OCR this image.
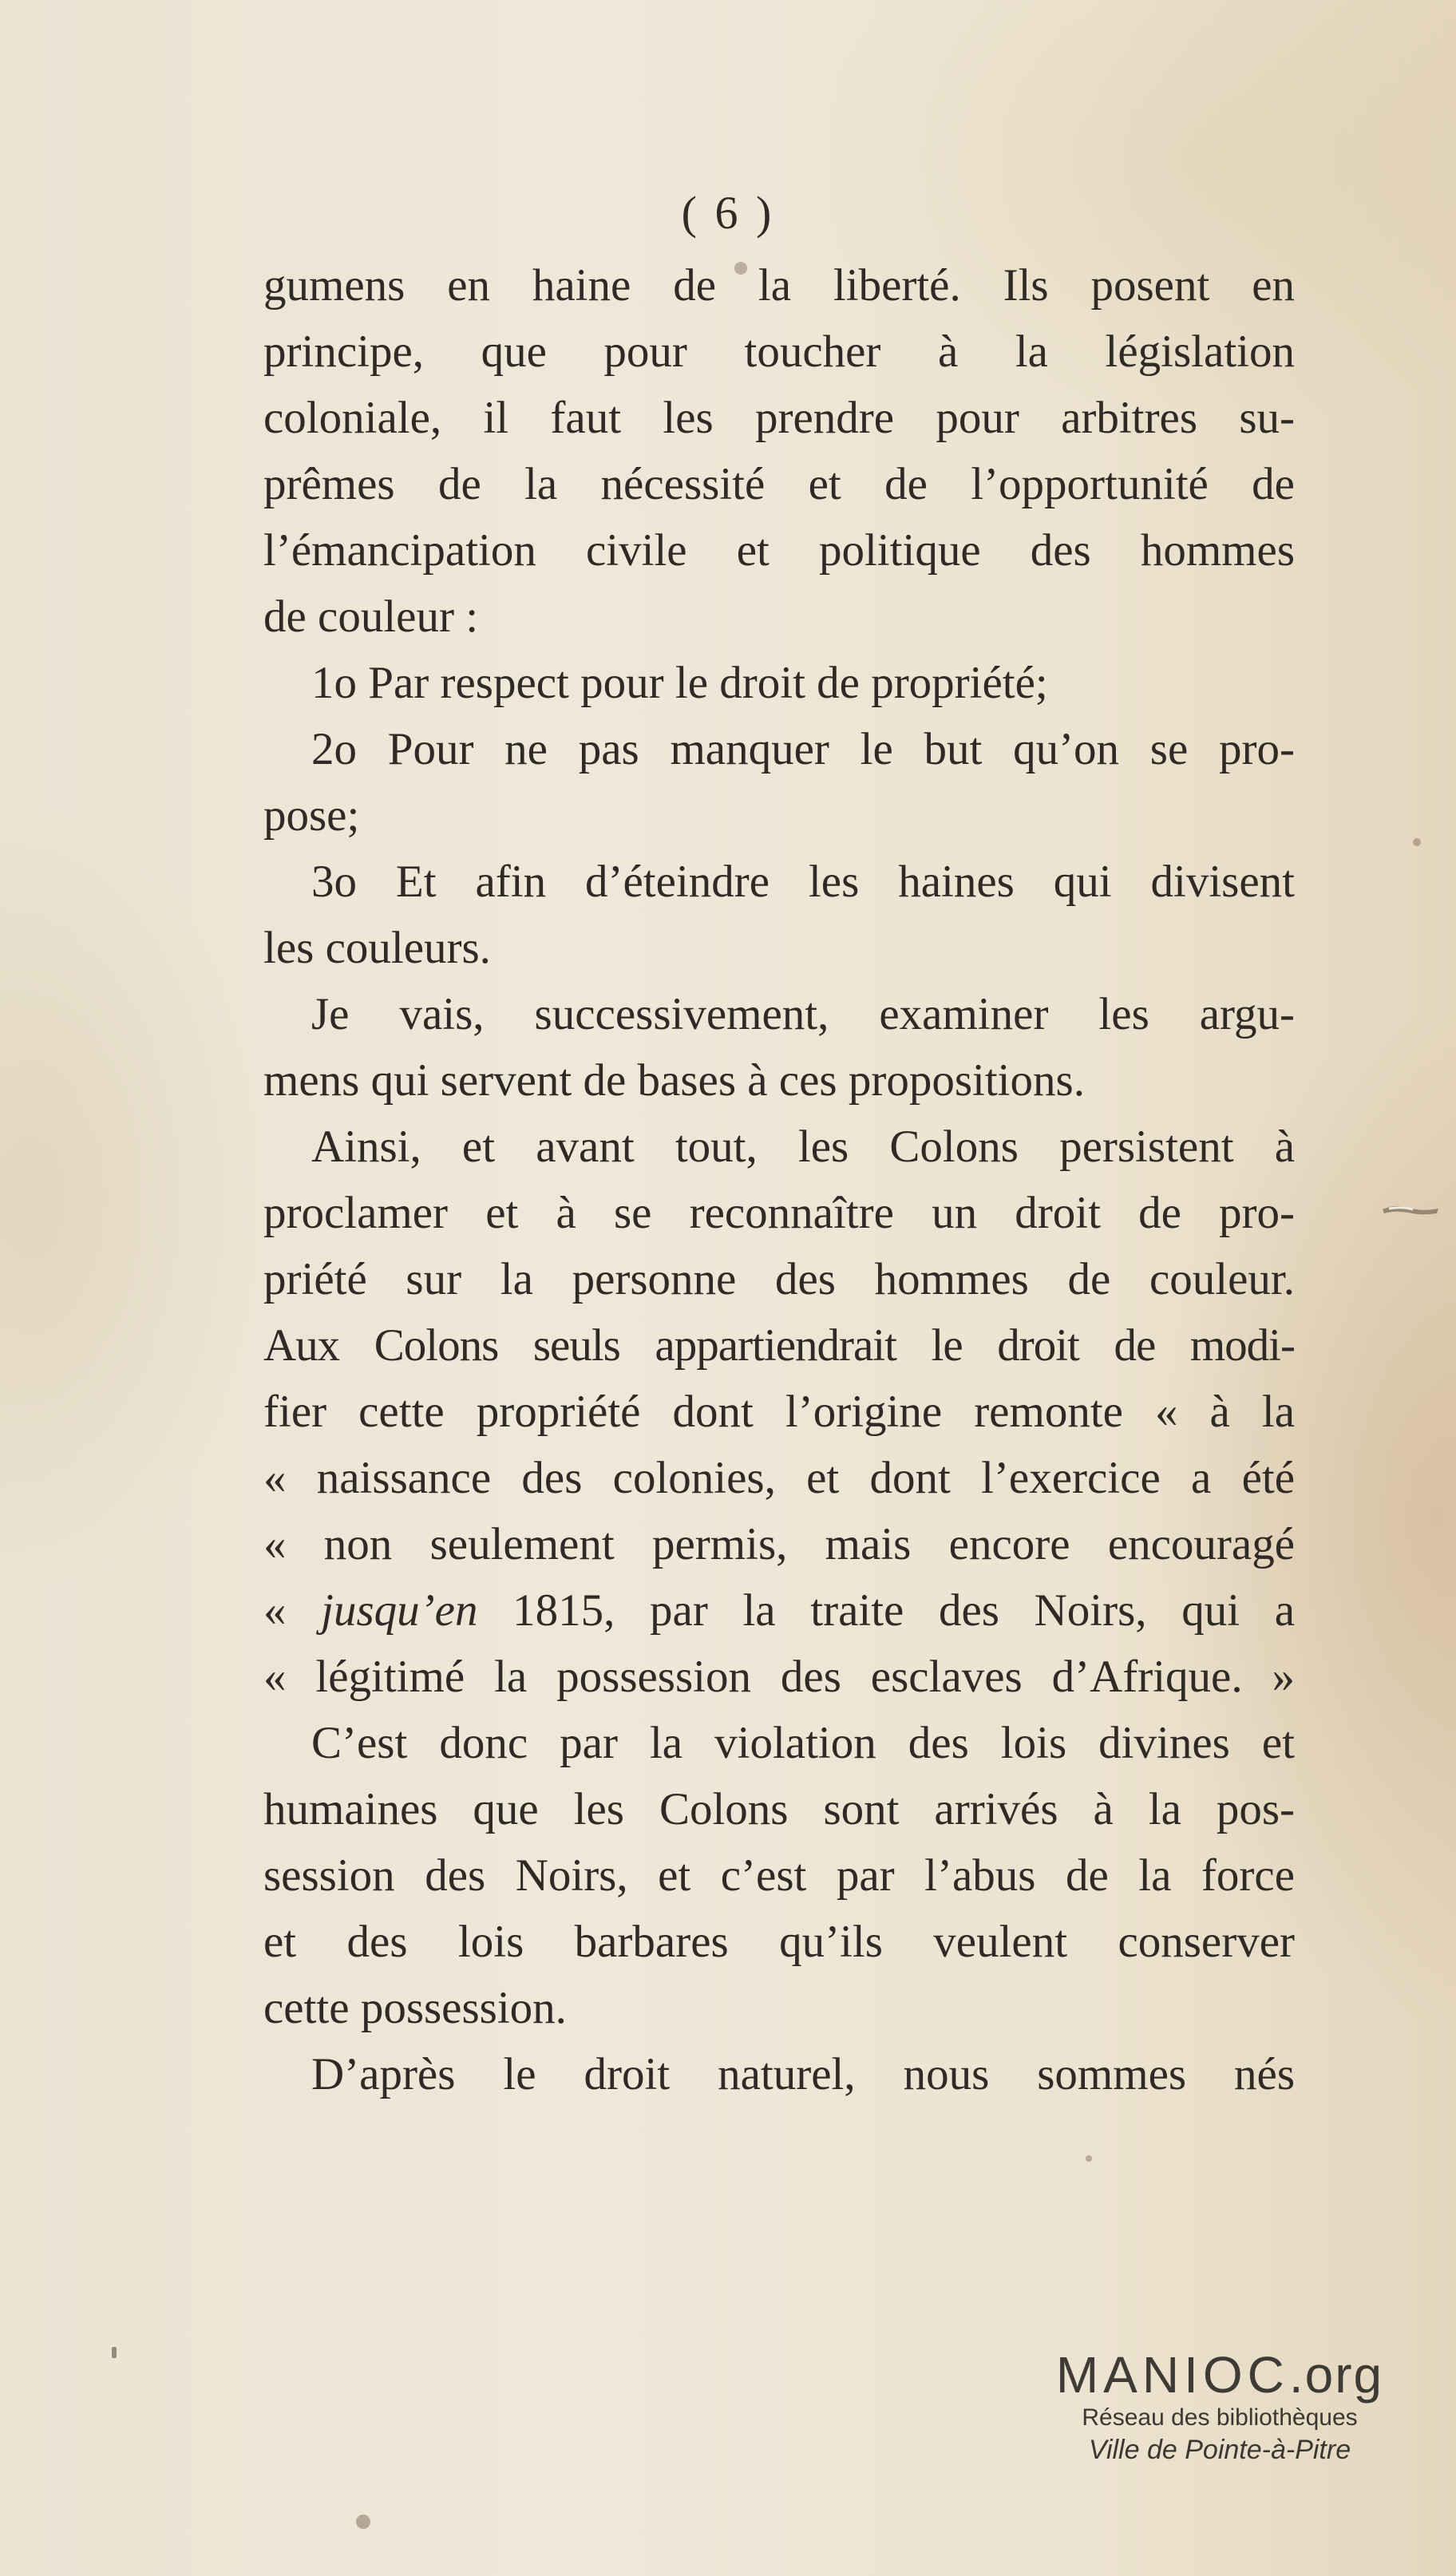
( 6 )
gumens en haine de la liberté. Ils posent en
principe, que pour toucher à la législation
coloniale, il faut les prendre pour arbitres su-
prêmes de la nécessité et de l’opportunité de
l’émancipation civile et politique des hommes
de couleur :
1o Par respect pour le droit de propriété;
2o Pour ne pas manquer le but qu’on se pro-
pose;
3o Et afin d’éteindre les haines qui divisent
les couleurs.
Je vais, successivement, examiner les argu-
mens qui servent de bases à ces propositions.
Ainsi, et avant tout, les Colons persistent à
proclamer et à se reconnaître un droit de pro-
priété sur la personne des hommes de couleur.
Aux Colons seuls appartiendrait le droit de modi-
fier cette propriété dont l’origine remonte « à la
« naissance des colonies, et dont l’exercice a été
« non seulement permis, mais encore encouragé
« jusqu’en 1815, par la traite des Noirs, qui a
« légitimé la possession des esclaves d’Afrique. »
C’est donc par la violation des lois divines et
humaines que les Colons sont arrivés à la pos-
session des Noirs, et c’est par l’abus de la force
et des lois barbares qu’ils veulent conserver
cette possession.
D’après le droit naturel, nous sommes nés
MANIOC.org
Réseau des bibliothèques
Ville de Pointe-à-Pitre
